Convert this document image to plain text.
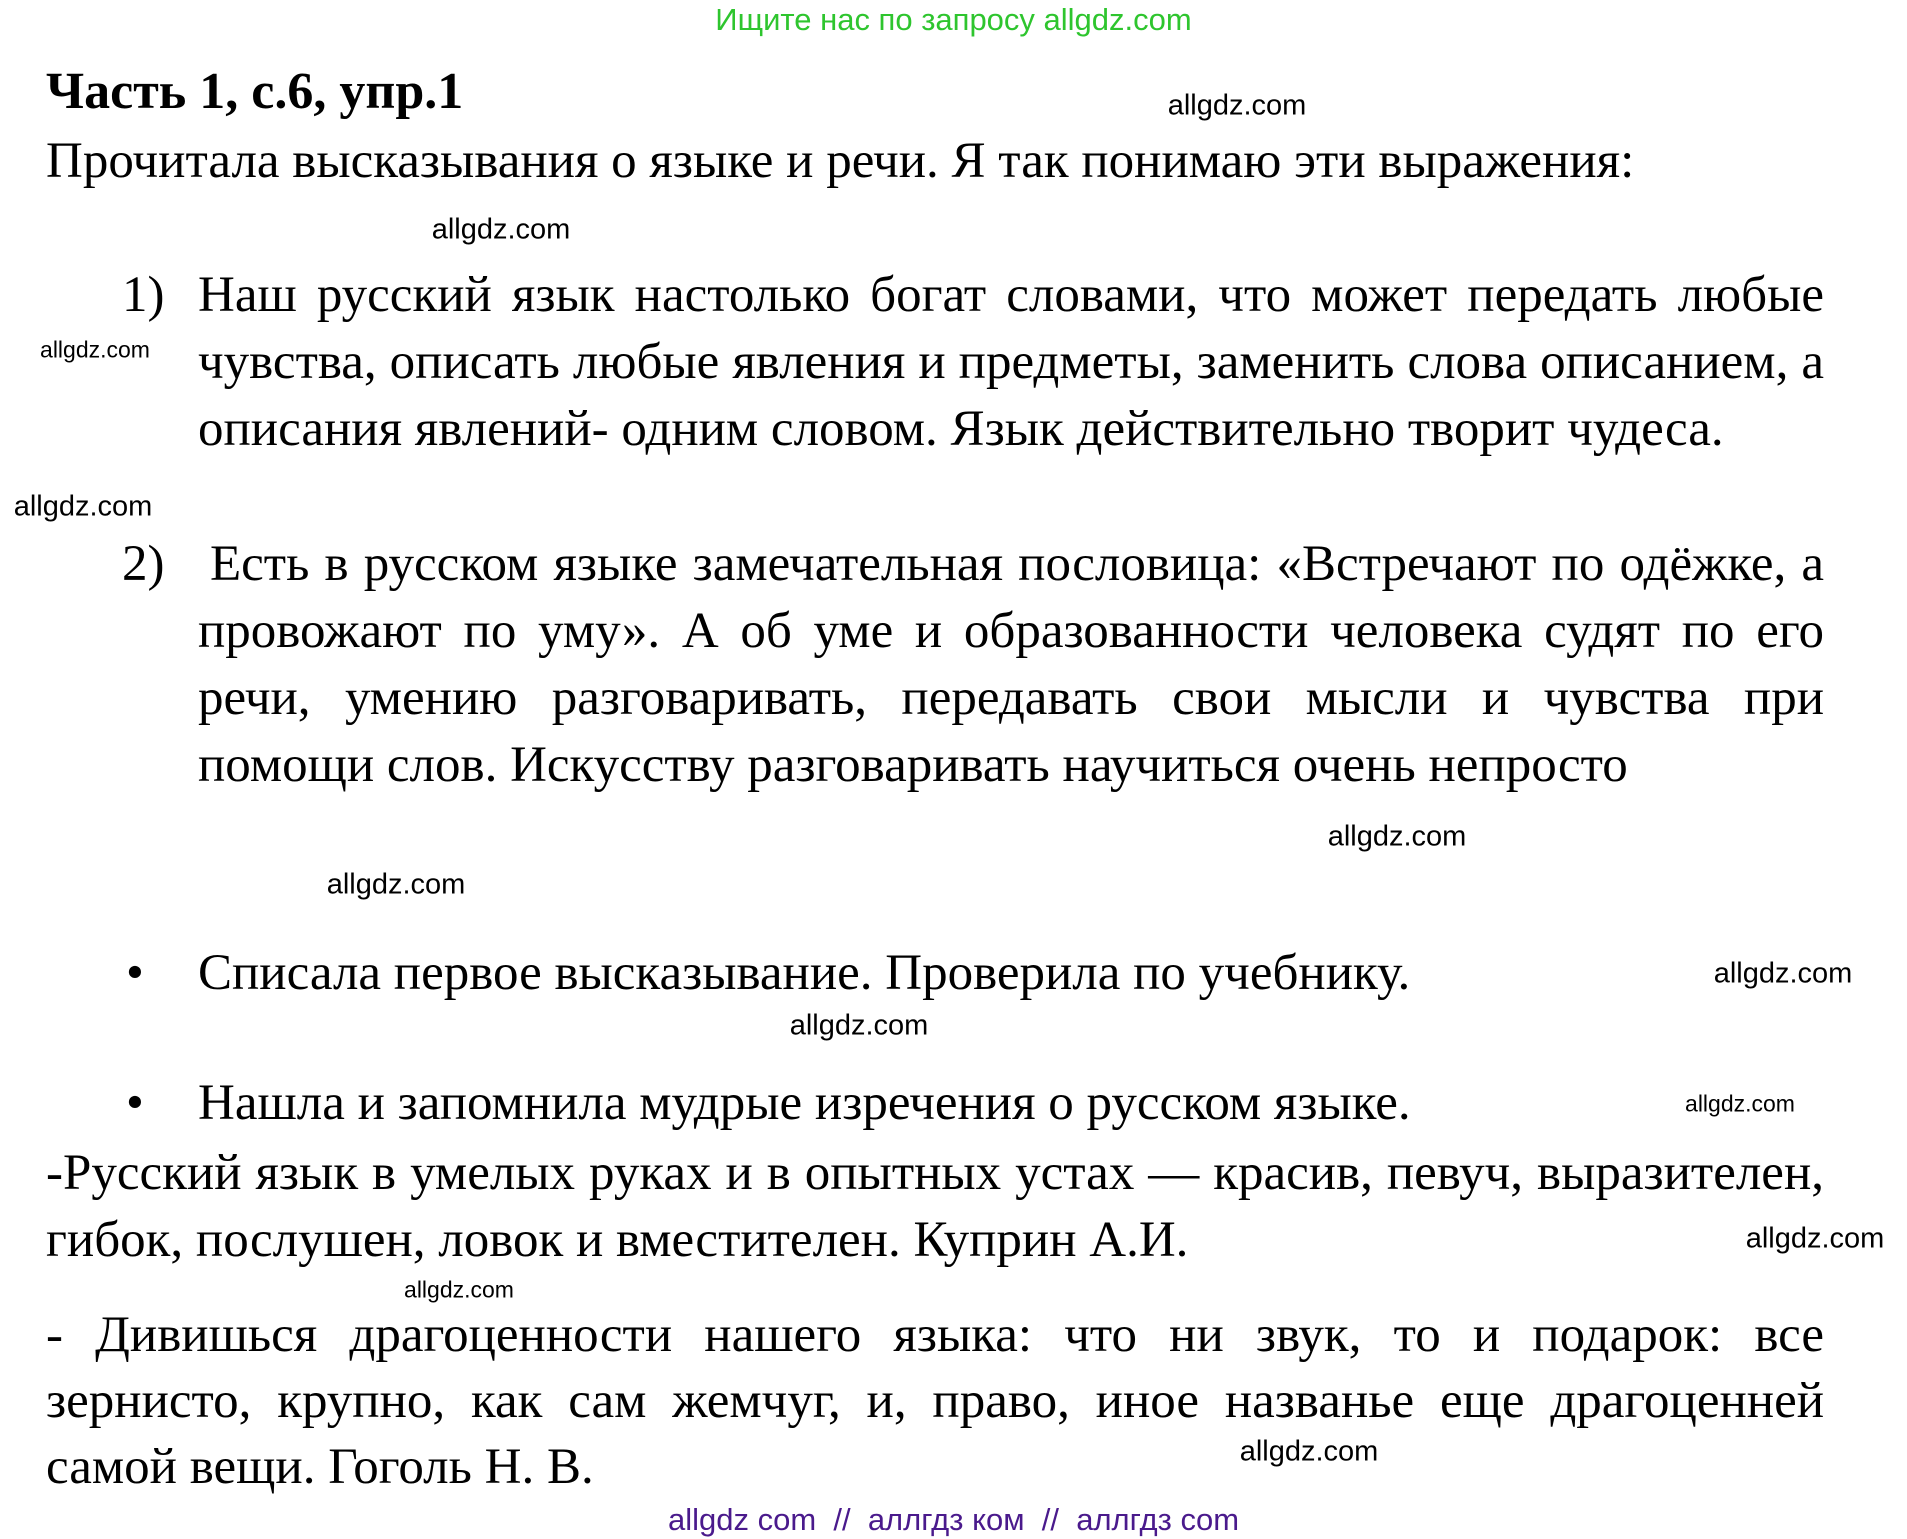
Ищите нас по запросу allgdz.com
Часть 1, с.6, упр.1
Прочитала высказывания о языке и речи. Я так понимаю эти выражения:
1) Наш русский язык настолько богат словами, что может передать любые чувства, описать любые явления и предметы, заменить слова описанием, а описания явлений- одним словом. Язык действительно творит чудеса.
2) Есть в русском языке замечательная пословица: «Встречают по одёжке, а провожают по уму». А об уме и образованности человека судят по его речи, умению разговаривать, передавать свои мысли и чувства при помощи слов. Искусству разговаривать научиться очень непросто
• Списала первое высказывание. Проверила по учебнику.
• Нашла и запомнила мудрые изречения о русском языке.
-Русский язык в умелых руках и в опытных устах — красив, певуч, выразителен, гибок, послушен, ловок и вместителен. Куприн А.И.
- Дивишься драгоценности нашего языка: что ни звук, то и подарок: все зернисто, крупно, как сам жемчуг, и, право, иное названье еще драгоценней самой вещи. Гоголь Н. В.
allgdz.com
allgdz.com
allgdz.com
allgdz.com
allgdz.com
allgdz.com
allgdz.com
allgdz.com
allgdz.com
allgdz.com
allgdz.com
allgdz.com
allgdz com  //  аллгдз ком  //  аллгдз com
